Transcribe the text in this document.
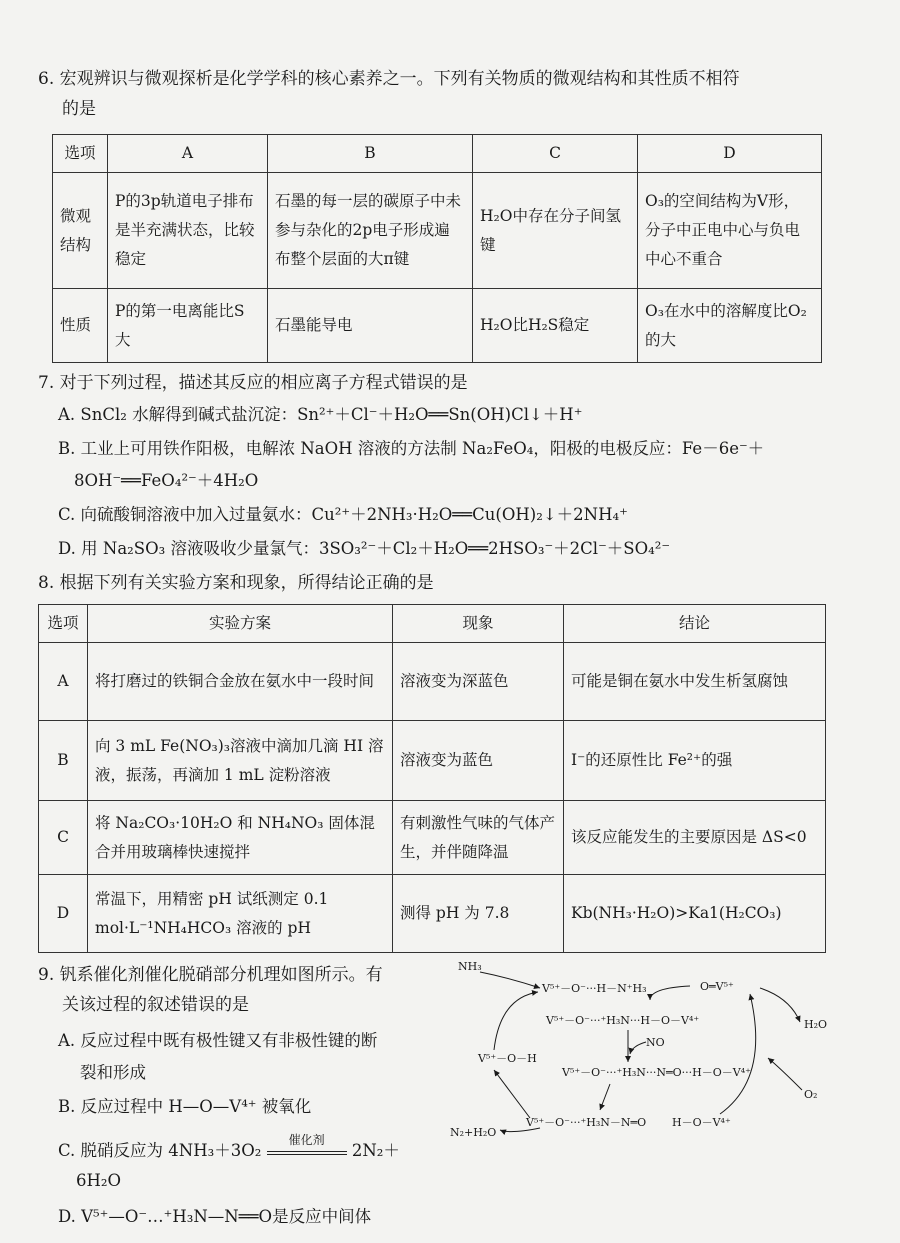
6. 宏观辨识与微观探析是化学学科的核心素养之一。下列有关物质的微观结构和其性质不相符
的是
选项	A	B	C	D
微观结构	P的3p轨道电子排布是半充满状态，比较稳定	石墨的每一层的碳原子中未参与杂化的2p电子形成遍布整个层面的大π键	H₂O中存在分子间氢键	O₃的空间结构为V形，分子中正电中心与负电中心不重合
性质	P的第一电离能比S大	石墨能导电	H₂O比H₂S稳定	O₃在水中的溶解度比O₂的大
7. 对于下列过程，描述其反应的相应离子方程式错误的是
A. SnCl₂ 水解得到碱式盐沉淀：Sn²⁺＋Cl⁻＋H₂O══Sn(OH)Cl↓＋H⁺
B. 工业上可用铁作阳极，电解浓 NaOH 溶液的方法制 Na₂FeO₄，阳极的电极反应：Fe－6e⁻＋
8OH⁻══FeO₄²⁻＋4H₂O
C. 向硫酸铜溶液中加入过量氨水：Cu²⁺＋2NH₃·H₂O══Cu(OH)₂↓＋2NH₄⁺
D. 用 Na₂SO₃ 溶液吸收少量氯气：3SO₃²⁻＋Cl₂＋H₂O══2HSO₃⁻＋2Cl⁻＋SO₄²⁻
8. 根据下列有关实验方案和现象，所得结论正确的是
选项	实验方案	现象	结论
A	将打磨过的铁铜合金放在氨水中一段时间	溶液变为深蓝色	可能是铜在氨水中发生析氢腐蚀
B	向 3 mL Fe(NO₃)₃溶液中滴加几滴 HI 溶液，振荡，再滴加 1 mL 淀粉溶液	溶液变为蓝色	I⁻的还原性比 Fe²⁺的强
C	将 Na₂CO₃·10H₂O 和 NH₄NO₃ 固体混合并用玻璃棒快速搅拌	有刺激性气味的气体产生，并伴随降温	该反应能发生的主要原因是 ΔS<0
D	常温下，用精密 pH 试纸测定 0.1 mol·L⁻¹NH₄HCO₃ 溶液的 pH	测得 pH 为 7.8	Kb(NH₃·H₂O)>Ka1(H₂CO₃)
9. 钒系催化剂催化脱硝部分机理如图所示。有
关该过程的叙述错误的是
A. 反应过程中既有极性键又有非极性键的断
裂和形成
B. 反应过程中 H—O—V⁴⁺ 被氧化
C. 脱硝反应为 4NH₃＋3O₂
催化剂
2N₂＋
6H₂O
D. V⁵⁺—O⁻…⁺H₃N—N══O是反应中间体
NH₃
V⁵⁺－O⁻···H－N⁺H₃	O═V⁵⁺
V⁵⁺－O⁻···⁺H₃N···H－O－V⁴⁺
NO
V⁵⁺－O－H
V⁵⁺－O⁻···⁺H₃N···N═O···H－O－V⁴⁺
V⁵⁺－O⁻···⁺H₃N－N═O H－O－V⁴⁺
N₂+H₂O
H₂O
O₂
